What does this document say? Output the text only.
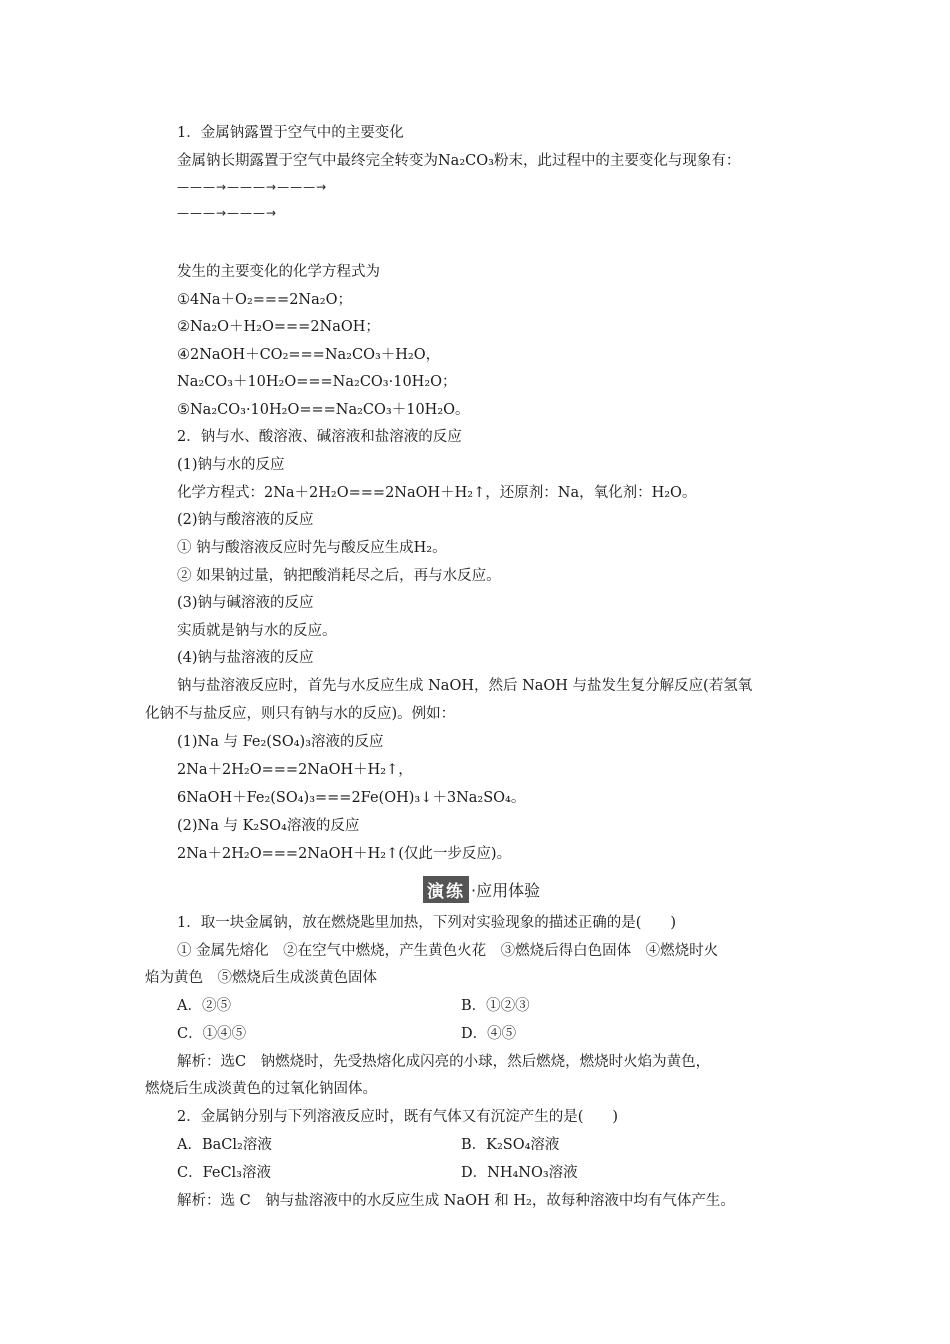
1．金属钠露置于空气中的主要变化
金属钠长期露置于空气中最终完全转变为Na₂CO₃粉末，此过程中的主要变化与现象有：
———→———→———→
———→———→
发生的主要变化的化学方程式为
①4Na＋O₂===2Na₂O；
②Na₂O＋H₂O===2NaOH；
④2NaOH＋CO₂===Na₂CO₃＋H₂O，
Na₂CO₃＋10H₂O===Na₂CO₃·10H₂O；
⑤Na₂CO₃·10H₂O===Na₂CO₃＋10H₂O。
2．钠与水、酸溶液、碱溶液和盐溶液的反应
(1)钠与水的反应
化学方程式：2Na＋2H₂O===2NaOH＋H₂↑，还原剂：Na，氧化剂：H₂O。
(2)钠与酸溶液的反应
① 钠与酸溶液反应时先与酸反应生成H₂。
② 如果钠过量，钠把酸消耗尽之后，再与水反应。
(3)钠与碱溶液的反应
实质就是钠与水的反应。
(4)钠与盐溶液的反应
钠与盐溶液反应时，首先与水反应生成 NaOH，然后 NaOH 与盐发生复分解反应(若氢氧
化钠不与盐反应，则只有钠与水的反应)。例如：
(1)Na 与 Fe₂(SO₄)₃溶液的反应
2Na＋2H₂O===2NaOH＋H₂↑，
6NaOH＋Fe₂(SO₄)₃===2Fe(OH)₃↓＋3Na₂SO₄。
(2)Na 与 K₂SO₄溶液的反应
2Na＋2H₂O===2NaOH＋H₂↑(仅此一步反应)。
演练 ·应用体验
1．取一块金属钠，放在燃烧匙里加热，下列对实验现象的描述正确的是(　　)
① 金属先熔化　②在空气中燃烧，产生黄色火花　③燃烧后得白色固体　④燃烧时火
焰为黄色　⑤燃烧后生成淡黄色固体
A．②⑤	B．①②③
C．①④⑤	D．④⑤
解析：选C　钠燃烧时，先受热熔化成闪亮的小球，然后燃烧，燃烧时火焰为黄色，
燃烧后生成淡黄色的过氧化钠固体。
2．金属钠分别与下列溶液反应时，既有气体又有沉淀产生的是(　　)
A．BaCl₂溶液	B．K₂SO₄溶液
C．FeCl₃溶液	D．NH₄NO₃溶液
解析：选 C　钠与盐溶液中的水反应生成 NaOH 和 H₂，故每种溶液中均有气体产生。
